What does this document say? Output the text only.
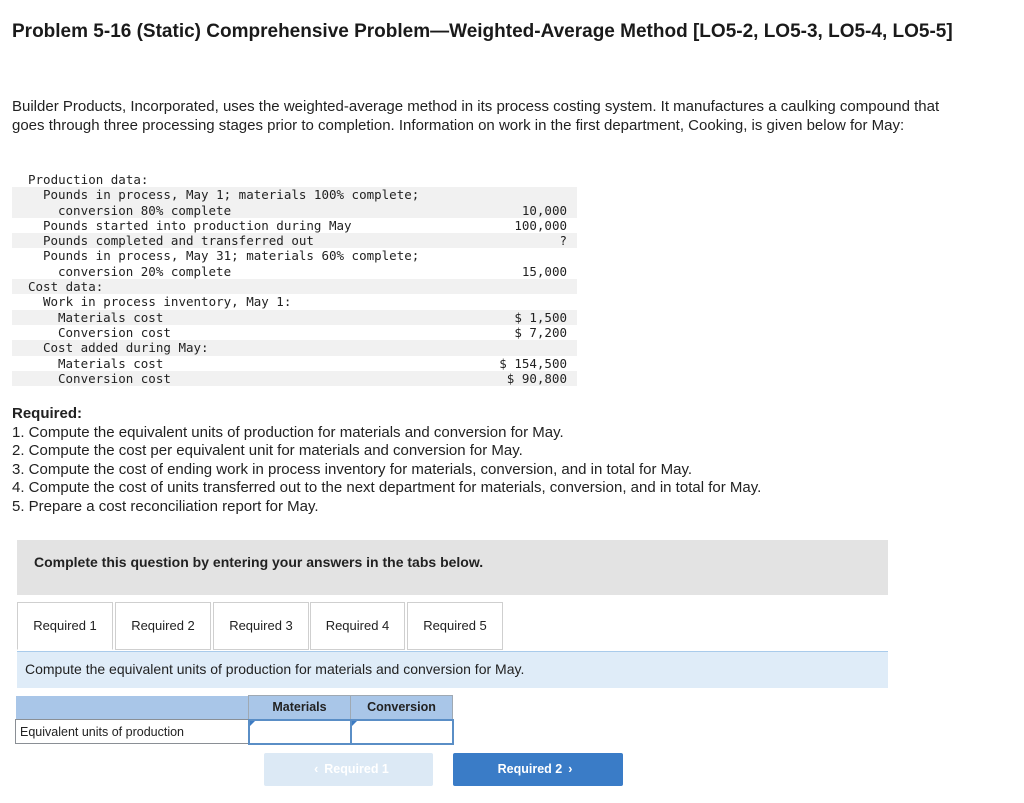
Problem 5-16 (Static) Comprehensive Problem—Weighted-Average Method [LO5-2, LO5-3, LO5-4, LO5-5]
Builder Products, Incorporated, uses the weighted-average method in its process costing system. It manufactures a caulking compound that goes through three processing stages prior to completion. Information on work in the first department, Cooking, is given below for May:
Production data:
Pounds in process, May 1; materials 100% complete;
conversion 80% complete	10,000
Pounds started into production during May	100,000
Pounds completed and transferred out	?
Pounds in process, May 31; materials 60% complete;
conversion 20% complete	15,000
Cost data:
Work in process inventory, May 1:
Materials cost	$ 1,500
Conversion cost	$ 7,200
Cost added during May:
Materials cost	$ 154,500
Conversion cost	$ 90,800
Required:
1. Compute the equivalent units of production for materials and conversion for May.
2. Compute the cost per equivalent unit for materials and conversion for May.
3. Compute the cost of ending work in process inventory for materials, conversion, and in total for May.
4. Compute the cost of units transferred out to the next department for materials, conversion, and in total for May.
5. Prepare a cost reconciliation report for May.
Complete this question by entering your answers in the tabs below.
Required 1	Required 2	Required 3	Required 4	Required 5
Compute the equivalent units of production for materials and conversion for May.
	Materials	Conversion
Equivalent units of production	

‹ Required 1	Required 2 ›
